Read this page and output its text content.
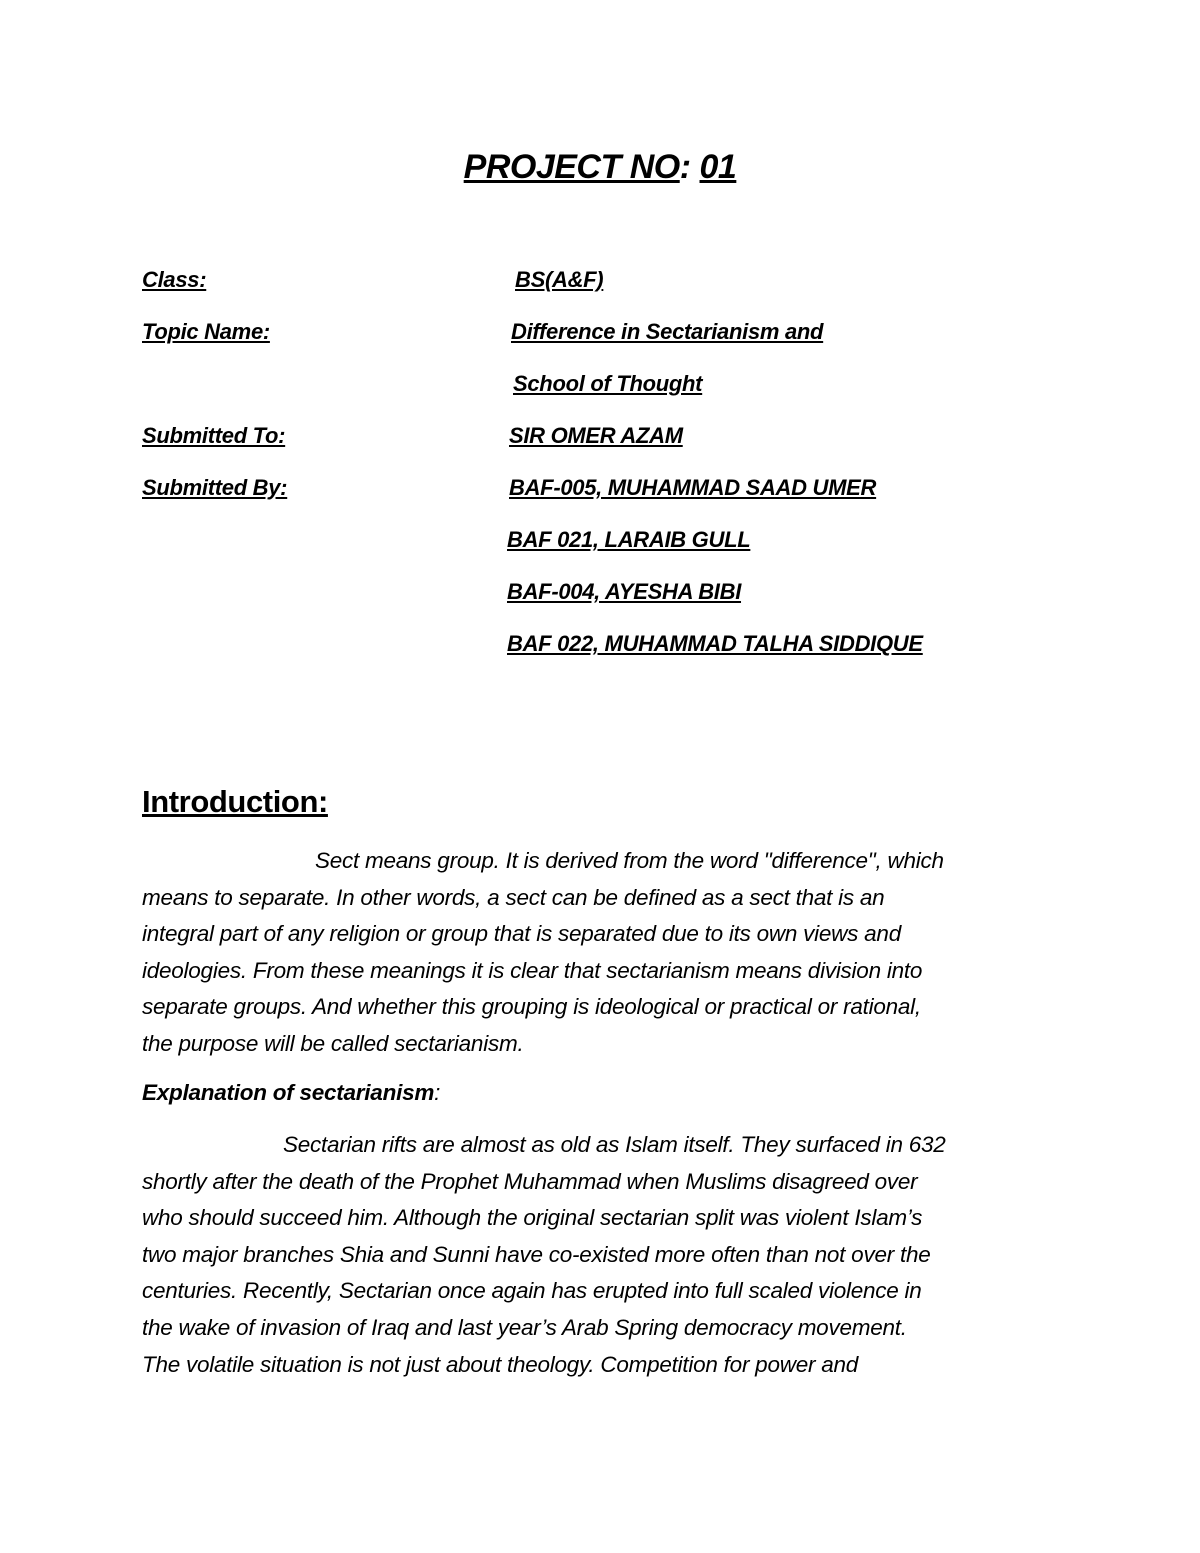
PROJECT NO: 01
Class:	BS(A&F)
Topic Name:	Difference in Sectarianism and
School of Thought
Submitted To:	SIR OMER AZAM
Submitted By:	BAF-005, MUHAMMAD SAAD UMER
BAF 021, LARAIB GULL
BAF-004, AYESHA BIBI
BAF 022, MUHAMMAD TALHA SIDDIQUE
Introduction:
Sect means group. It is derived from the word "difference", which
means to separate. In other words, a sect can be defined as a sect that is an
integral part of any religion or group that is separated due to its own views and
ideologies. From these meanings it is clear that sectarianism means division into
separate groups. And whether this grouping is ideological or practical or rational,
the purpose will be called sectarianism.
Explanation of sectarianism:
Sectarian rifts are almost as old as Islam itself. They surfaced in 632
shortly after the death of the Prophet Muhammad when Muslims disagreed over
who should succeed him. Although the original sectarian split was violent Islam’s
two major branches Shia and Sunni have co-existed more often than not over the
centuries. Recently, Sectarian once again has erupted into full scaled violence in
the wake of invasion of Iraq and last year’s Arab Spring democracy movement.
The volatile situation is not just about theology. Competition for power and
